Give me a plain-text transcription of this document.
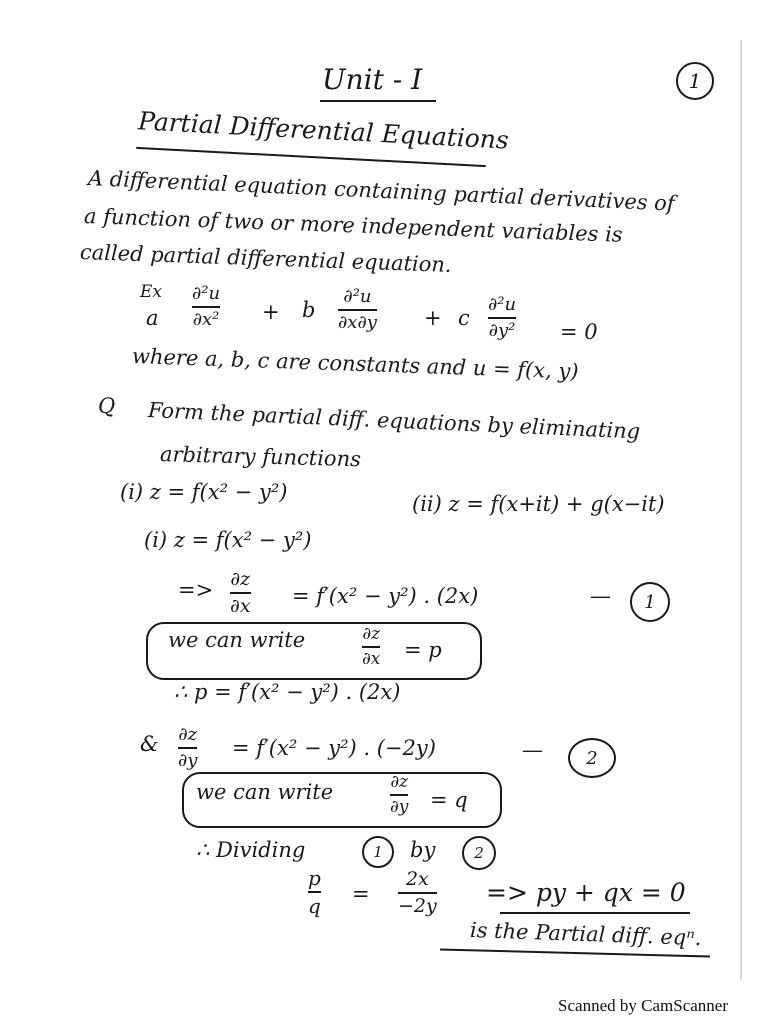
Unit - I	1
Partial Differential Equations
A differential equation containing partial derivatives of
a function of two or more independent variables is
called partial differential equation.
Ex
a
∂²u
∂x² + b
∂²u
∂x∂y + c
∂²u
∂y² = 0
where a, b, c are constants and u = f(x, y)
Q Form the partial diff. equations by eliminating
arbitrary functions
(i) z = f(x² − y²)	(ii) z = f(x+it) + g(x−it)
(i) z = f(x² − y²)
=> ∂z
∂x = f′(x² − y²) . (2x)	— 1
we can write	∂z
∂x = p
∴ p = f′(x² − y²) . (2x)
& ∂z
∂y = f′(x² − y²) . (−2y)	— 2
we can write	∂z
∂y = q
∴ Dividing	1 by	2
p
q =
2x
−2y => py + qx = 0
is the Partial diff. eqⁿ.
Scanned by CamScanner
